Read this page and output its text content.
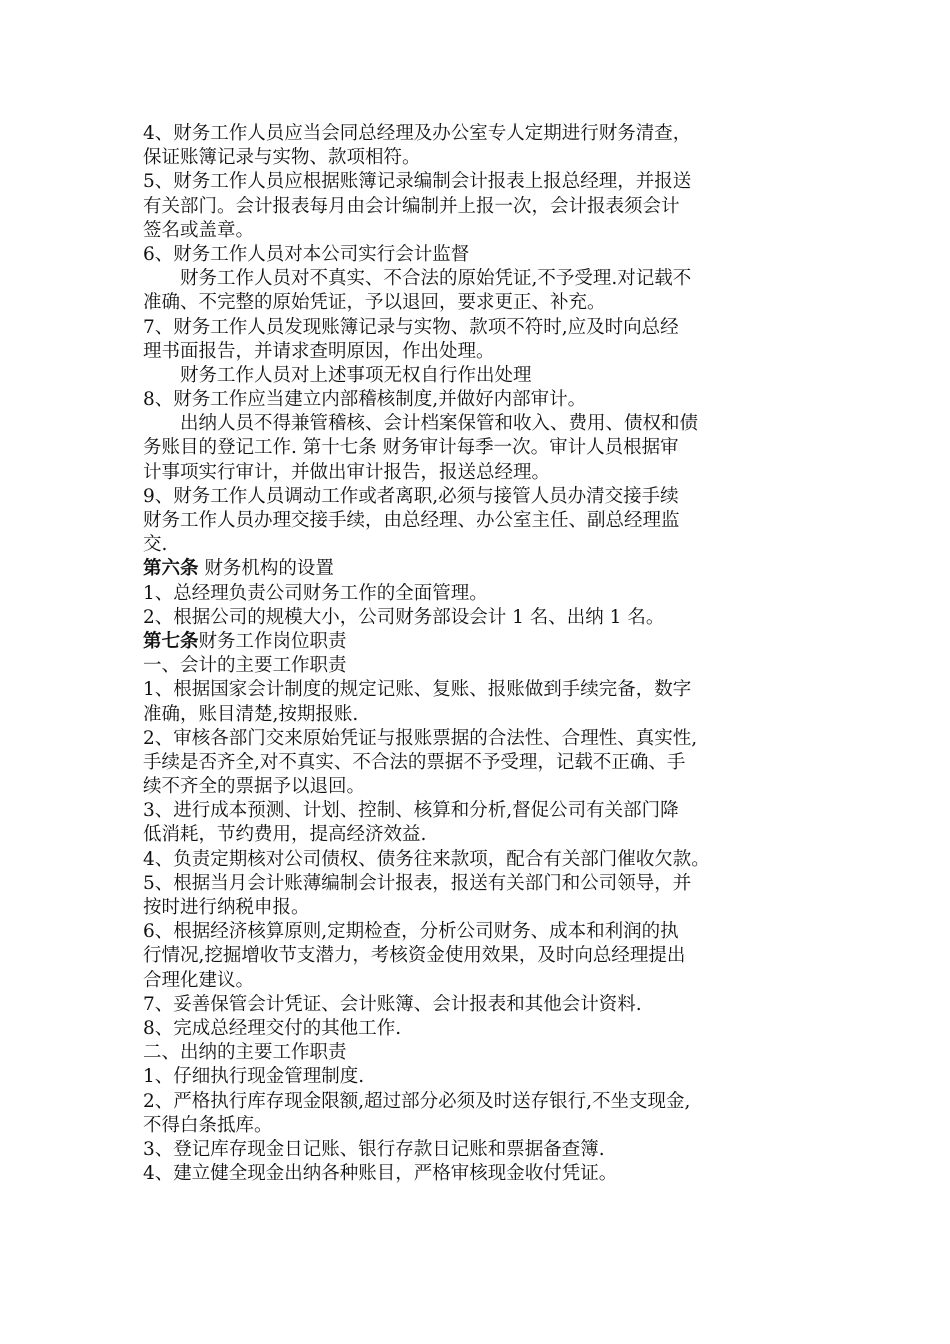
4、财务工作人员应当会同总经理及办公室专人定期进行财务清查，
保证账簿记录与实物、款项相符。
5、财务工作人员应根据账簿记录编制会计报表上报总经理，并报送
有关部门。会计报表每月由会计编制并上报一次，会计报表须会计
签名或盖章。
6、财务工作人员对本公司实行会计监督
财务工作人员对不真实、不合法的原始凭证,不予受理.对记载不
准确、不完整的原始凭证，予以退回，要求更正、补充。
7、财务工作人员发现账簿记录与实物、款项不符时,应及时向总经
理书面报告，并请求查明原因，作出处理。
财务工作人员对上述事项无权自行作出处理
8、财务工作应当建立内部稽核制度,并做好内部审计。
出纳人员不得兼管稽核、会计档案保管和收入、费用、债权和债
务账目的登记工作. 第十七条 财务审计每季一次。审计人员根据审
计事项实行审计，并做出审计报告，报送总经理。
9、财务工作人员调动工作或者离职,必须与接管人员办清交接手续
财务工作人员办理交接手续，由总经理、办公室主任、副总经理监
交.
第六条 财务机构的设置
1、总经理负责公司财务工作的全面管理。
2、根据公司的规模大小，公司财务部设会计 1 名、出纳 1 名。
第七条财务工作岗位职责
一、会计的主要工作职责
1、根据国家会计制度的规定记账、复账、报账做到手续完备，数字
准确，账目清楚,按期报账.
2、审核各部门交来原始凭证与报账票据的合法性、合理性、真实性,
手续是否齐全,对不真实、不合法的票据不予受理，记载不正确、手
续不齐全的票据予以退回。
3、进行成本预测、计划、控制、核算和分析,督促公司有关部门降
低消耗，节约费用，提高经济效益.
4、负责定期核对公司债权、债务往来款项，配合有关部门催收欠款。
5、根据当月会计账薄编制会计报表，报送有关部门和公司领导，并
按时进行纳税申报。
6、根据经济核算原则,定期检查，分析公司财务、成本和利润的执
行情况,挖掘增收节支潜力，考核资金使用效果，及时向总经理提出
合理化建议。
7、妥善保管会计凭证、会计账簿、会计报表和其他会计资料.
8、完成总经理交付的其他工作.
二、出纳的主要工作职责
1、仔细执行现金管理制度.
2、严格执行库存现金限额,超过部分必须及时送存银行,不坐支现金,
不得白条抵库。
3、登记库存现金日记账、银行存款日记账和票据备查簿.
4、建立健全现金出纳各种账目，严格审核现金收付凭证。
